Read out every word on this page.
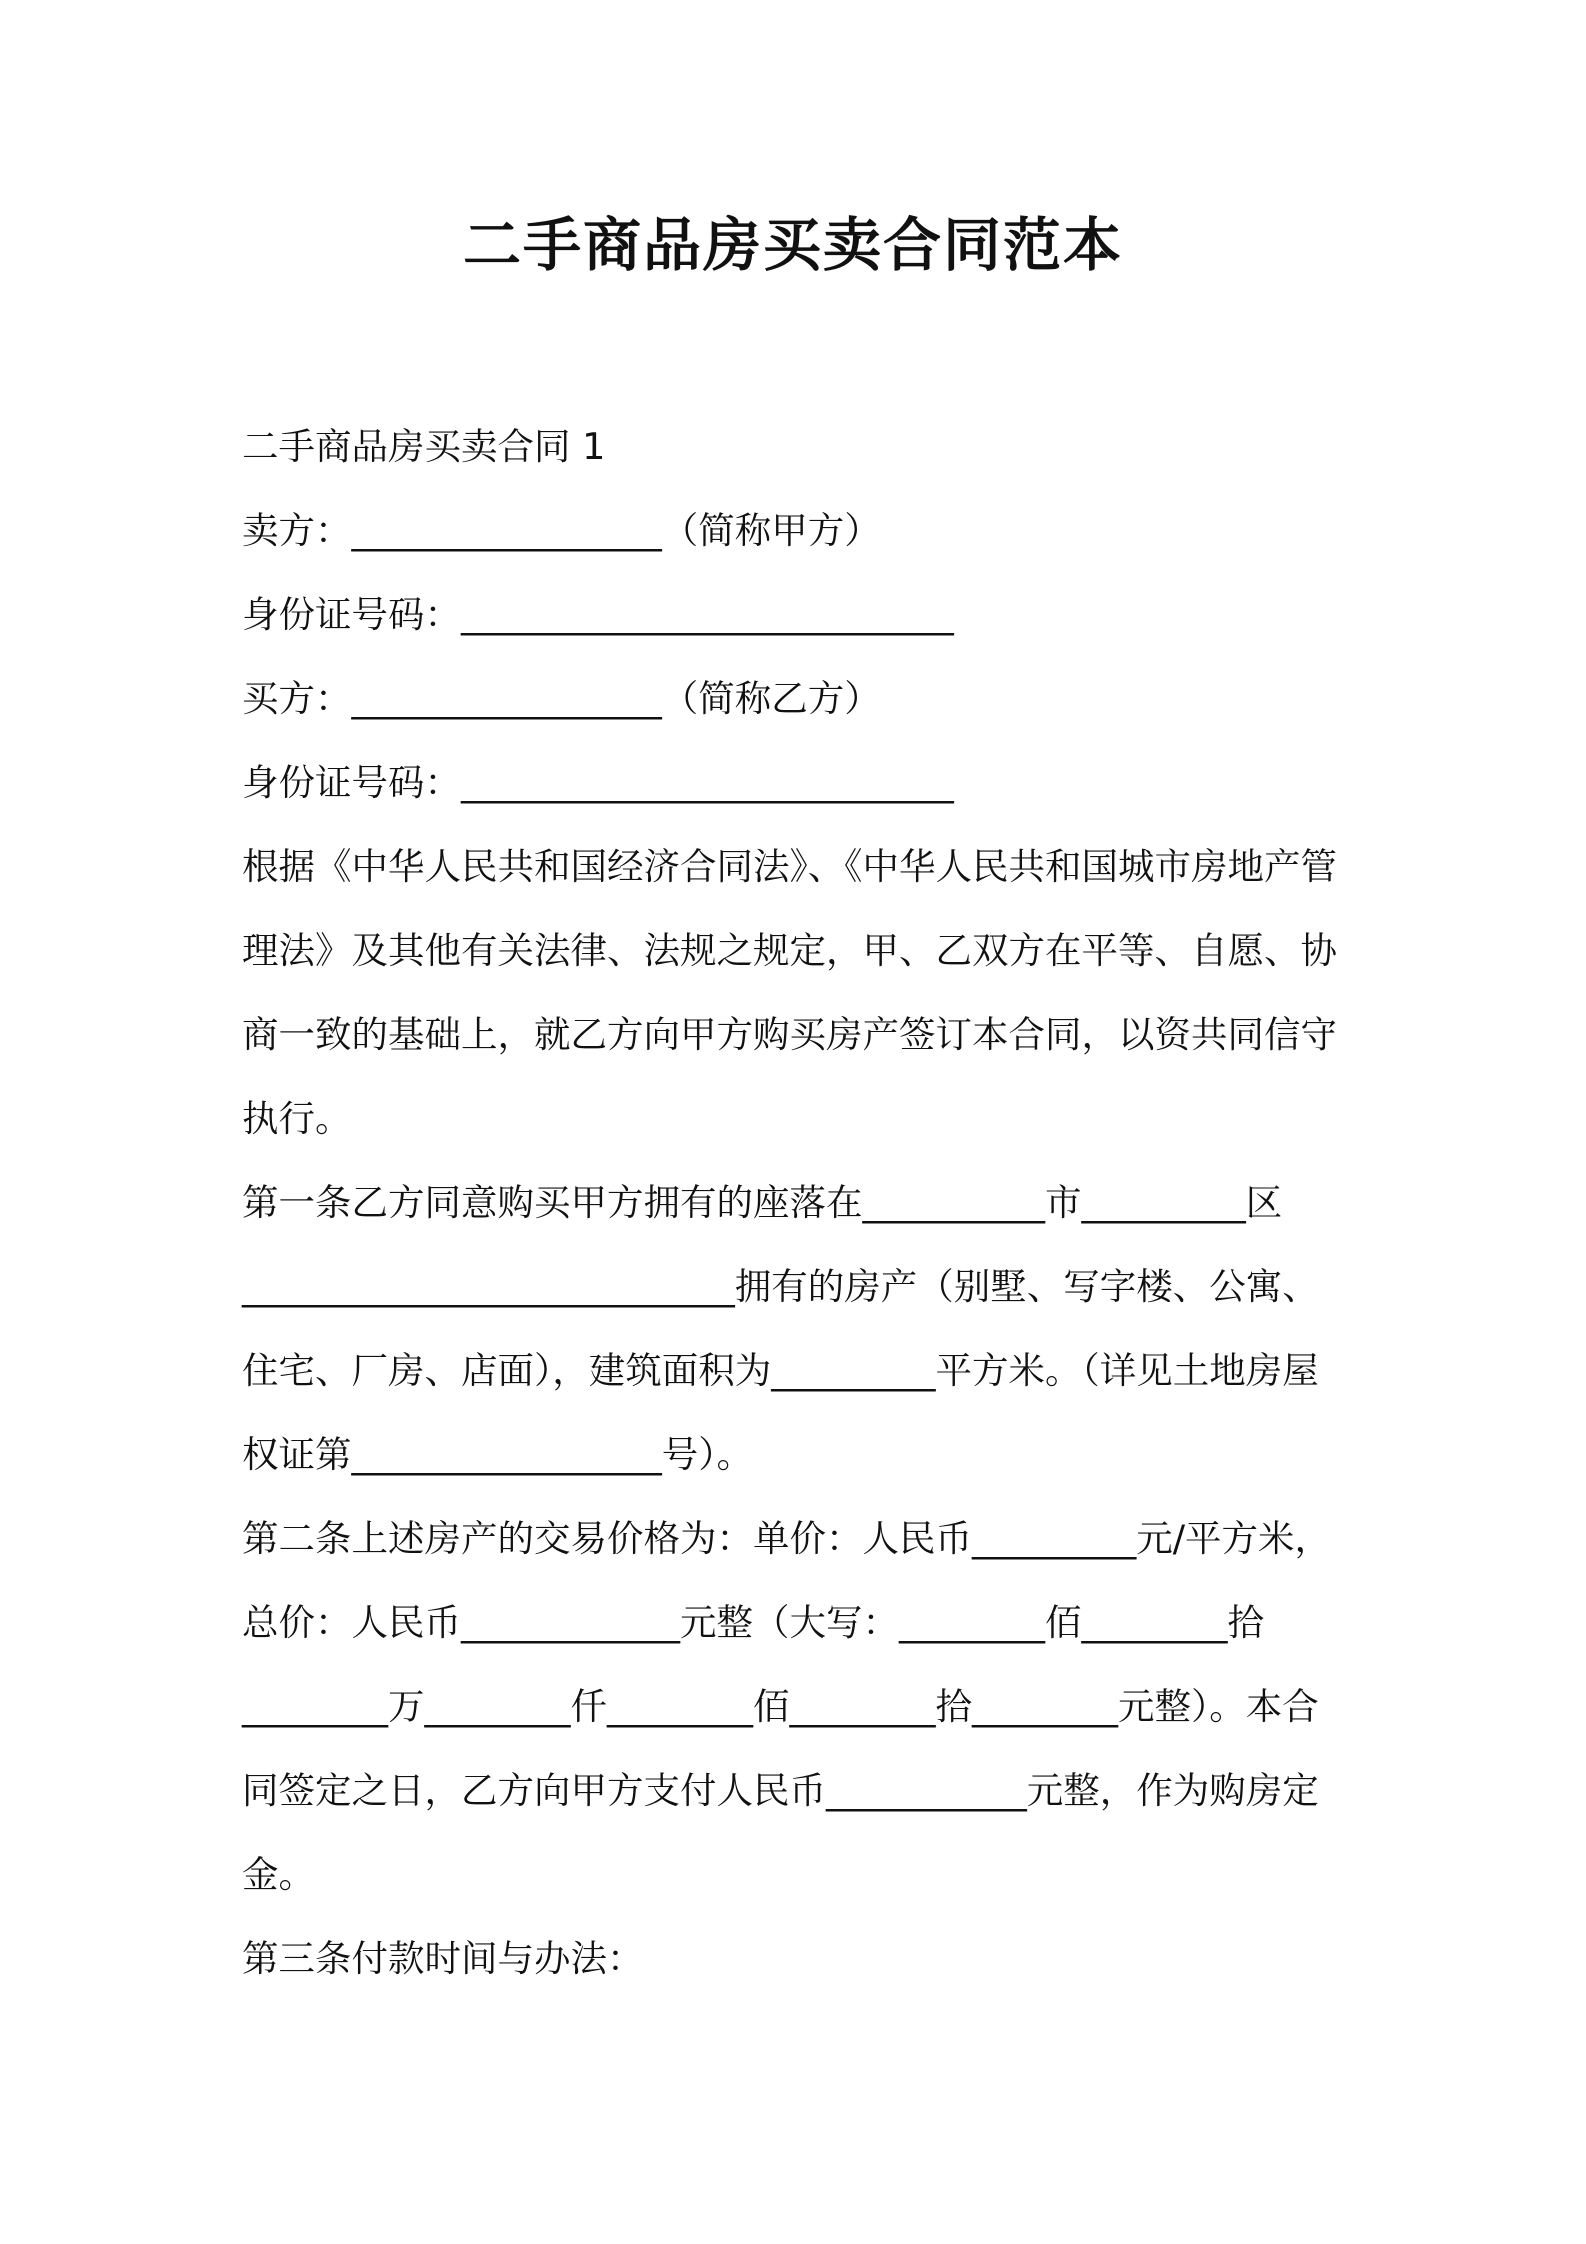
二手商品房买卖合同范本

二手商品房买卖合同 1

卖方：_________________（简称甲方）

身份证号码：___________________________

买方：_________________（简称乙方）

身份证号码：___________________________

根据《中华人民共和国经济合同法》、《中华人民共和国城市房地产管

理法》及其他有关法律、法规之规定，甲、乙双方在平等、自愿、协

商一致的基础上，就乙方向甲方购买房产签订本合同，以资共同信守

执行。

第一条乙方同意购买甲方拥有的座落在__________市_________区

___________________________拥有的房产（别墅、写字楼、公寓、

住宅、厂房、店面），建筑面积为_________平方米。（详见土地房屋

权证第_________________号）。

第二条上述房产的交易价格为：单价：人民币_________元/平方米，

总价：人民币____________元整（大写：________佰________拾

________万________仟________佰________拾________元整）。本合

同签定之日，乙方向甲方支付人民币___________元整，作为购房定

金。

第三条付款时间与办法：
